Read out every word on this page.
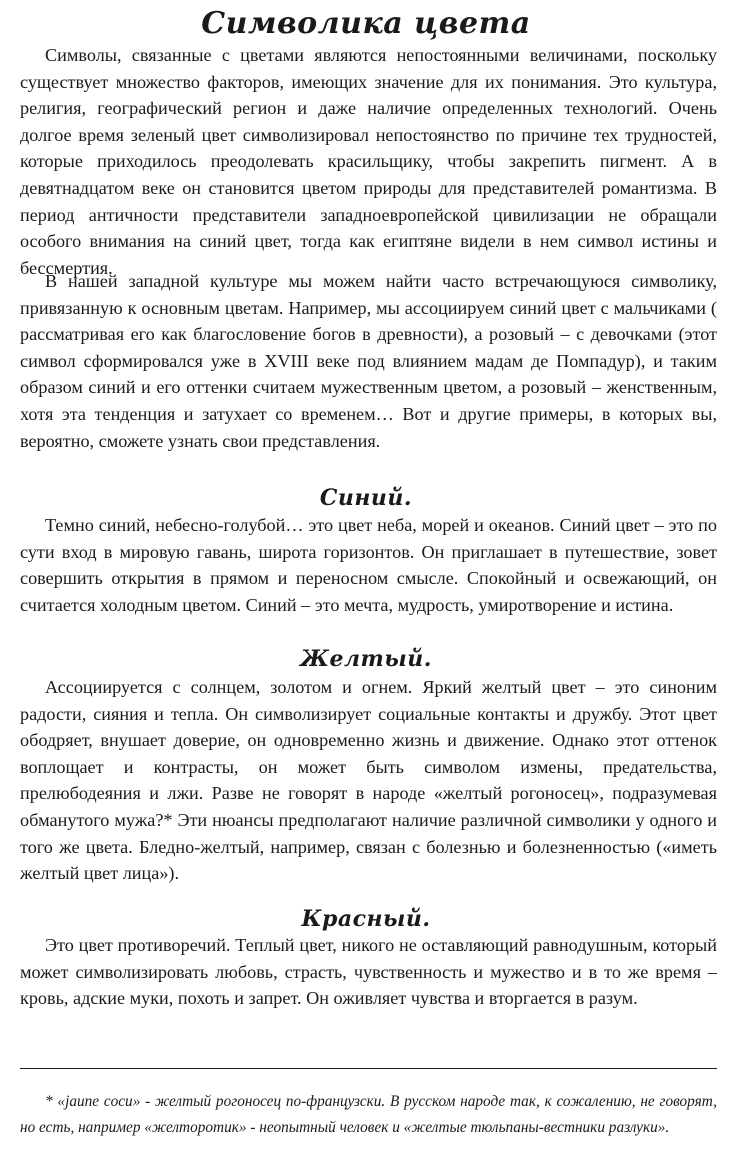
Символика цвета

Символы, связанные с цветами являются непостоянными величинами, поскольку существует множество факторов, имеющих значение для их понимания. Это культура, религия, географический регион и даже наличие определенных технологий. Очень долгое время зеленый цвет символизировал непостоянство по причине тех трудностей, которые приходилось преодолевать красильщику, чтобы закрепить пигмент. А в девятнадцатом веке он становится цветом природы для представителей романтизма. В период античности представители западноевропейской цивилизации не обращали особого внимания на синий цвет, тогда как египтяне видели в нем символ истины и бессмертия.

В нашей западной культуре мы можем найти часто встречающуюся символику, привязанную к основным цветам. Например, мы ассоциируем синий цвет с мальчиками ( рассматривая его как благословение богов в древности), а розовый – с девочками (этот символ сформировался уже в XVIII веке под влиянием мадам де Помпадур), и таким образом синий и его оттенки считаем мужественным цветом, а розовый – женственным, хотя эта тенденция и затухает со временем… Вот и другие примеры, в которых вы, вероятно, сможете узнать свои представления.

Синий.

Темно синий, небесно-голубой… это цвет неба, морей и океанов. Синий цвет – это по сути вход в мировую гавань, широта горизонтов. Он приглашает в путешествие, зовет совершить открытия в прямом и переносном смысле. Спокойный и освежающий, он считается холодным цветом. Синий – это мечта, мудрость, умиротворение и истина.

Желтый.

Ассоциируется с солнцем, золотом и огнем. Яркий желтый цвет – это синоним радости, сияния и тепла. Он символизирует социальные контакты и дружбу. Этот цвет ободряет, внушает доверие, он одновременно жизнь и движение. Однако этот оттенок воплощает и контрасты, он может быть символом измены, предательства, прелюбодеяния и лжи. Разве не говорят в народе «желтый рогоносец», подразумевая обманутого мужа?* Эти нюансы предполагают наличие различной символики у одного и того же цвета. Бледно-желтый, например, связан с болезнью и болезненностью («иметь желтый цвет лица»).

Красный.

Это цвет противоречий. Теплый цвет, никого не оставляющий равнодушным, который может символизировать любовь, страсть, чувственность и мужество и в то же время – кровь, адские муки, похоть и запрет. Он оживляет чувства и вторгается в разум.

* «jaune cocu» - желтый рогоносец по-французски. В русском народе так, к сожалению, не говорят, но есть, например «желторотик» - неопытный человек и «желтые тюльпаны-вестники разлуки».
